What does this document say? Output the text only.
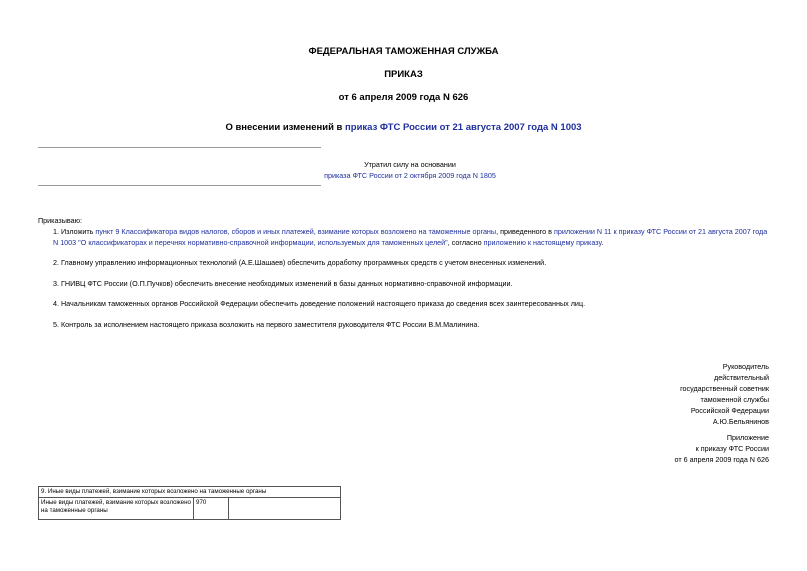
ФЕДЕРАЛЬНАЯ ТАМОЖЕННАЯ СЛУЖБА
ПРИКАЗ
от 6 апреля 2009 года N 626
О внесении изменений в приказ ФТС России от 21 августа 2007 года N 1003
Утратил силу на основании
приказа ФТС России от 2 октября 2009 года N 1805
Приказываю:
1. Изложить пункт 9 Классификатора видов налогов, сборов и иных платежей, взимание которых возложено на таможенные органы, приведенного в приложении N 11 к приказу ФТС России от 21 августа 2007 года N 1003 "О классификаторах и перечнях нормативно-справочной информации, используемых для таможенных целей", согласно приложению к настоящему приказу.
2. Главному управлению информационных технологий (А.Е.Шашаев) обеспечить доработку программных средств с учетом внесенных изменений.
3. ГНИВЦ ФТС России (О.П.Пучков) обеспечить внесение необходимых изменений в базы данных нормативно-справочной информации.
4. Начальникам таможенных органов Российской Федерации обеспечить доведение положений настоящего приказа до сведения всех заинтересованных лиц.
5. Контроль за исполнением настоящего приказа возложить на первого заместителя руководителя ФТС России В.М.Малинина.
Руководитель
действительный
государственный советник
таможенной службы
Российской Федерации
А.Ю.Бельянинов
Приложение
к приказу ФТС России
от 6 апреля 2009 года N 626
9. Иные виды платежей, взимание которых возложено на таможенные органы
Иные виды платежей, взимание которых возложено на таможенные органы	970	
